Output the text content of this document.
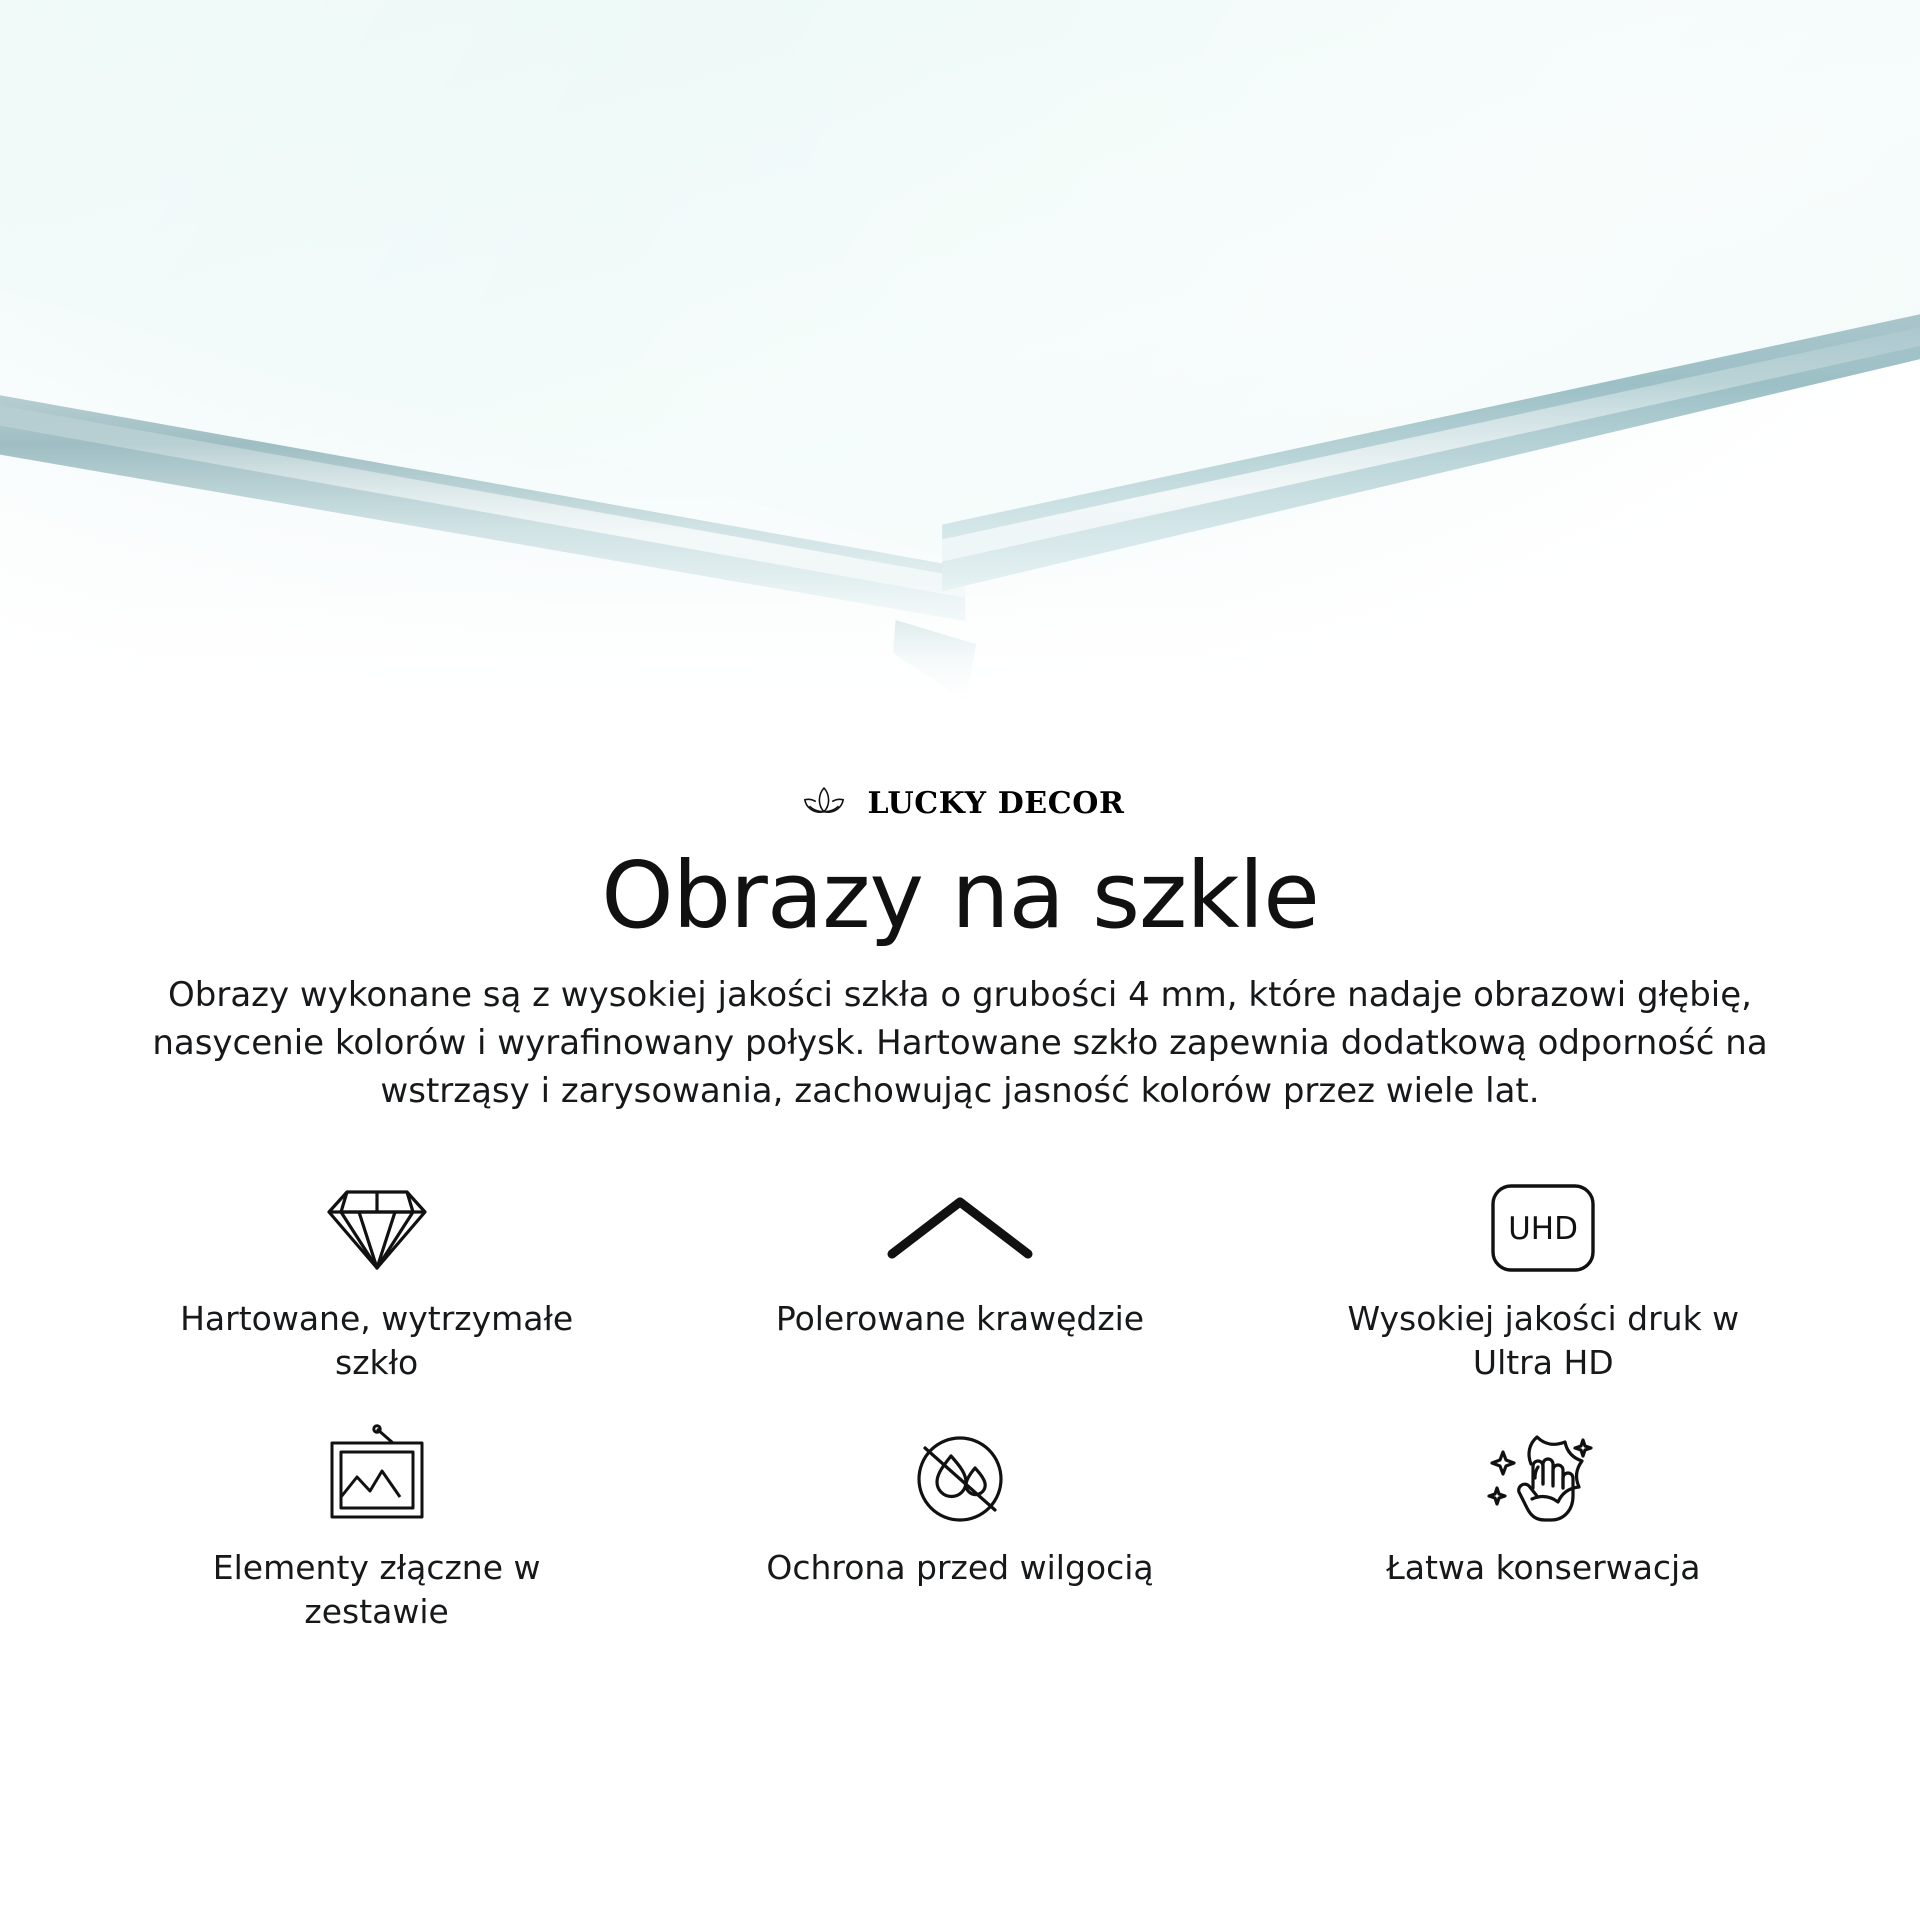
LUCKY DECOR
Obrazy na szkle

Obrazy wykonane są z wysokiej jakości szkła o grubości 4 mm, które nadaje obrazowi głębię, nasycenie kolorów i wyrafinowany połysk. Hartowane szkło zapewnia dodatkową odporność na wstrząsy i zarysowania, zachowując jasność kolorów przez wiele lat.

Hartowane, wytrzymałe szkło
Polerowane krawędzie
UHD
Wysokiej jakości druk w Ultra HD
Elementy złączne w zestawie
Ochrona przed wilgocią	Łatwa konserwacja
